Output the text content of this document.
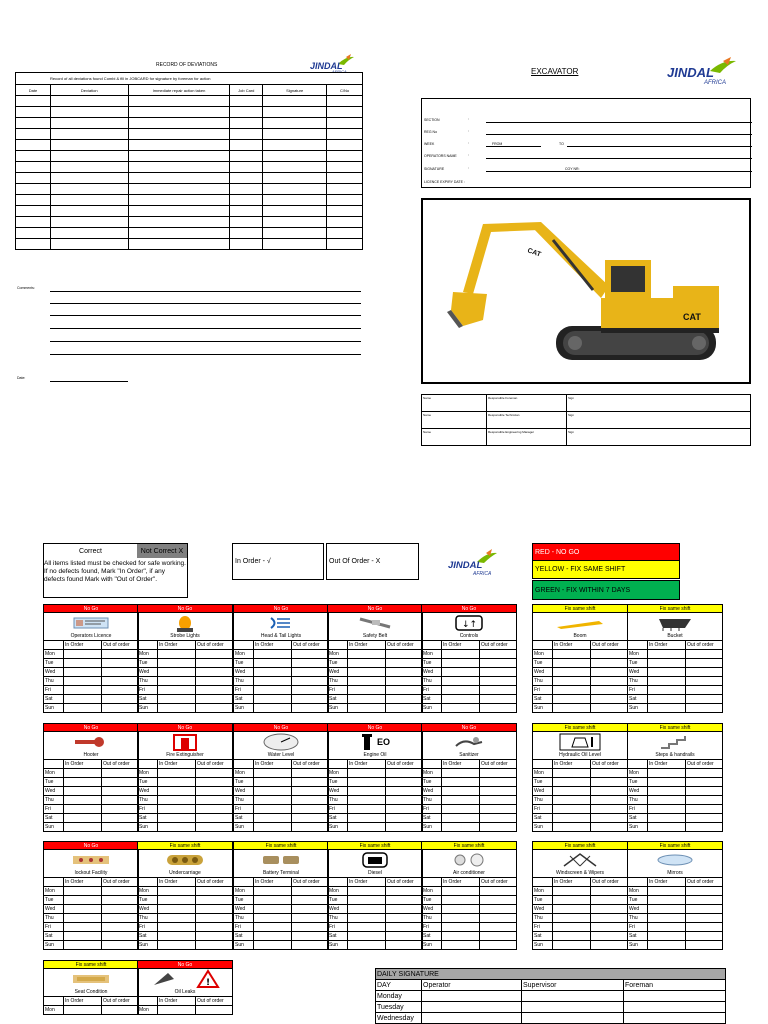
RECORD OF DEVIATIONS	JINDAL
AFRICA
Record of all deviations found Combi & fill in JOBCARD for signature by foreman for action					
Date	Deviation	Immediate repair action taken	Job Card	Signature	C/No

Comments:
Date:
EXCAVATOR	JINDAL
AFRICA
SECTION	:
REG No	:
WEEK	:	FROM	TO
OPERATORS NAME	:
SIGNATURE	:	COY NR:
LICENCE EXPIRY DATE :
CAT
CAT
Name	Responsible Foreman	Sign
Name	Responsible Technician	Sign
Name	Responsible Engineering Manager	Sign
Correct	Not Correct X
All items listed must be checked for safe working. If no defects found, Mark "In Order", if any defects found Mark with "Out of Order".
In Order - √	Out Of Order - X	JINDAL
AFRICA
RED - NO GO
YELLOW - FIX SAME SHIFT
GREEN - FIX WITHIN 7 DAYS
No Go
Operators Licence
	In Order	Out of order
Mon		
Tue		
Wed		
Thu		
Fri		
Sat		
Sun		
No Go
Strobe Lights
	In Order	Out of order
Mon		
Tue		
Wed		
Thu		
Fri		
Sat		
Sun		
No Go
Head & Tail Lights
	In Order	Out of order
Mon		
Tue		
Wed		
Thu		
Fri		
Sat		
Sun		
No Go
Safety Belt
	In Order	Out of order
Mon		
Tue		
Wed		
Thu		
Fri		
Sat		
Sun		
No Go
↓↑
Controls
	In Order	Out of order
Mon		
Tue		
Wed		
Thu		
Fri		
Sat		
Sun		
Fix same shift
Boom
	In Order	Out of order
Mon		
Tue		
Wed		
Thu		
Fri		
Sat		
Sun		
Fix same shift
Bucket
	In Order	Out of order
Mon		
Tue		
Wed		
Thu		
Fri		
Sat		
Sun		
No Go
Hooter
	In Order	Out of order
Mon		
Tue		
Wed		
Thu		
Fri		
Sat		
Sun		
No Go
Fire Extinguisher
	In Order	Out of order
Mon		
Tue		
Wed		
Thu		
Fri		
Sat		
Sun		
No Go
Water Level
	In Order	Out of order
Mon		
Tue		
Wed		
Thu		
Fri		
Sat		
Sun		
No Go
EO
Engine Oil
	In Order	Out of order
Mon		
Tue		
Wed		
Thu		
Fri		
Sat		
Sun		
No Go
Sanitizer
	In Order	Out of order
Mon		
Tue		
Wed		
Thu		
Fri		
Sat		
Sun		
Fix same shift
Hydraulic Oil Level
	In Order	Out of order
Mon		
Tue		
Wed		
Thu		
Fri		
Sat		
Sun		
Fix same shift
Steps & handrails
	In Order	Out of order
Mon		
Tue		
Wed		
Thu		
Fri		
Sat		
Sun		
No Go
lockout Facility
	In Order	Out of order
Mon		
Tue		
Wed		
Thu		
Fri		
Sat		
Sun		
Fix same shift
Undercarriage
	In Order	Out of order
Mon		
Tue		
Wed		
Thu		
Fri		
Sat		
Sun		
Fix same shift
Battery Terminal
	In Order	Out of order
Mon		
Tue		
Wed		
Thu		
Fri		
Sat		
Sun		
Fix same shift
Diesel
	In Order	Out of order
Mon		
Tue		
Wed		
Thu		
Fri		
Sat		
Sun		
Fix same shift
Air conditioner
	In Order	Out of order
Mon		
Tue		
Wed		
Thu		
Fri		
Sat		
Sun		
Fix same shift
Windscreen & Wipers
	In Order	Out of order
Mon		
Tue		
Wed		
Thu		
Fri		
Sat		
Sun		
Fix same shift
Mirrors
	In Order	Out of order
Mon		
Tue		
Wed		
Thu		
Fri		
Sat		
Sun		
Fix same shift
Seat Condition
	In Order	Out of order
Mon		
No Go
!
Oil Leaks
	In Order	Out of order
Mon		
DAILY SIGNATURE			
DAY	Operator	Supervisor	Foreman
Monday			
Tuesday			
Wednesday			
